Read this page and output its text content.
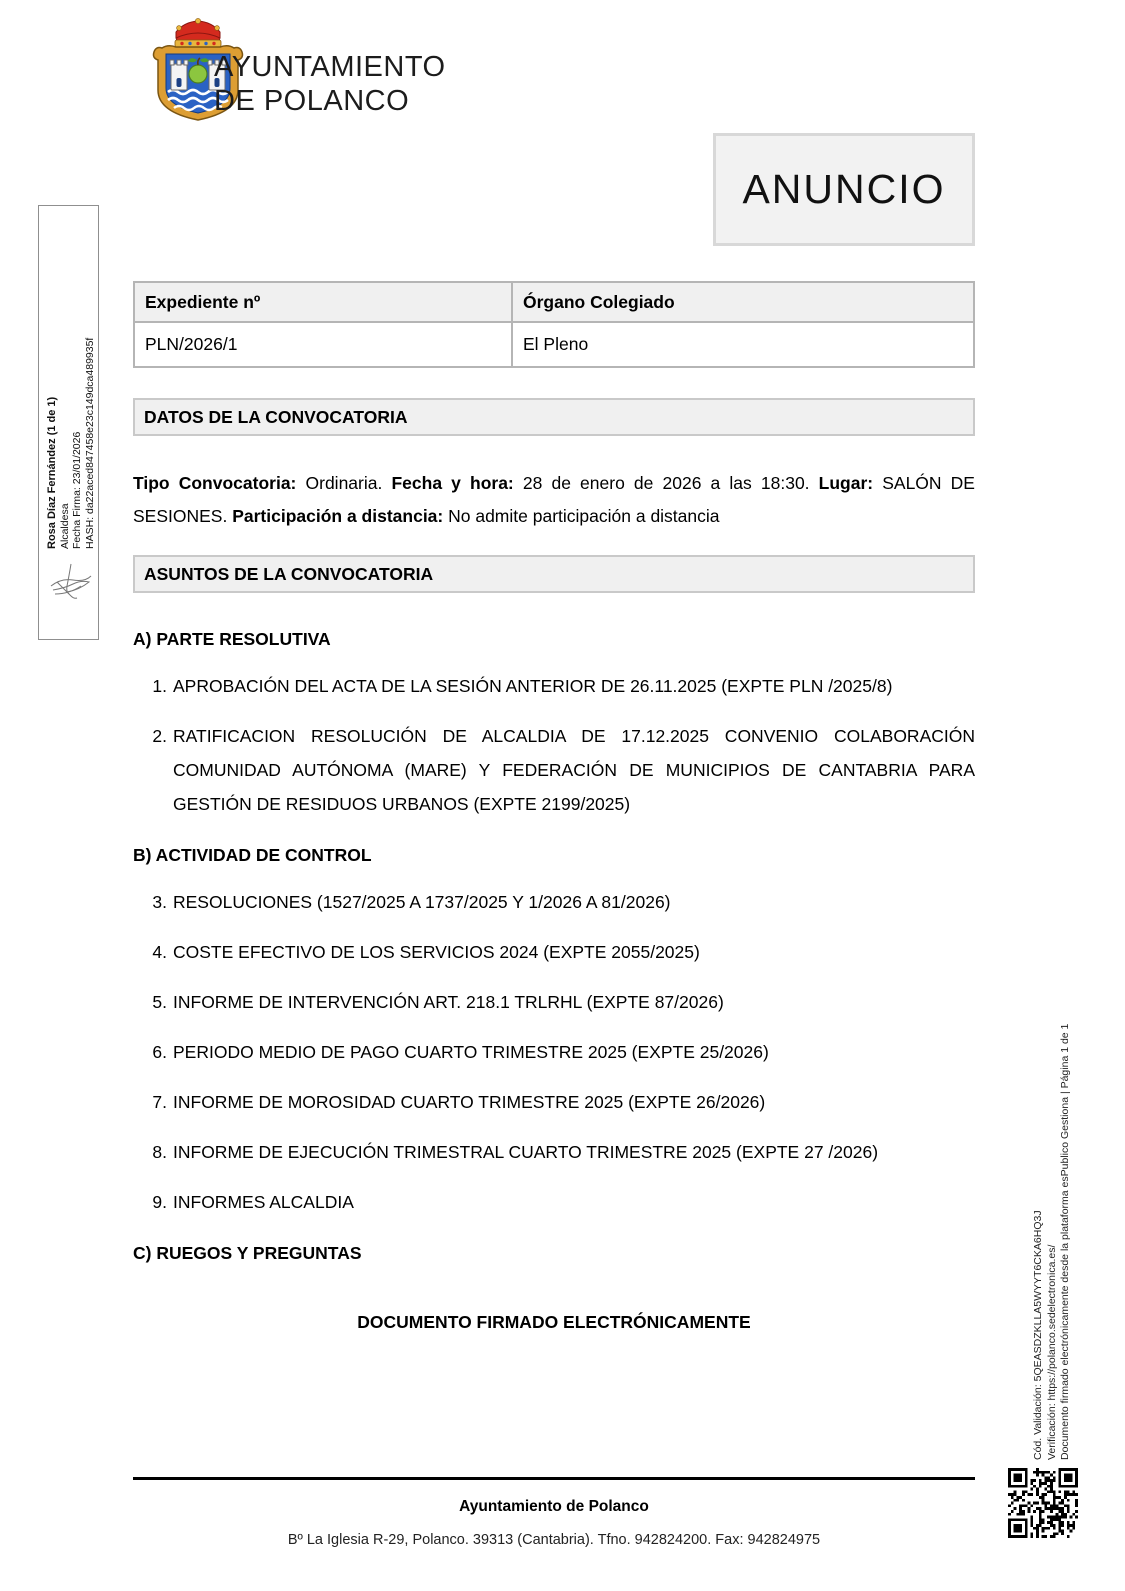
AYUNTAMIENTO
DE POLANCO
ANUNCIO
Rosa Díaz Fernández (1 de 1) Alcaldesa Fecha Firma: 23/01/2026 HASH: da22aced847458e23c149dca489935f
Expediente nº	Órgano Colegiado
PLN/2026/1	El Pleno
DATOS DE LA CONVOCATORIA
Tipo Convocatoria: Ordinaria. Fecha y hora: 28 de enero de 2026 a las 18:30. Lugar: SALÓN DE SESIONES. Participación a distancia: No admite participación a distancia
ASUNTOS DE LA CONVOCATORIA
A) PARTE RESOLUTIVA
1. APROBACIÓN DEL ACTA DE LA SESIÓN ANTERIOR DE 26.11.2025 (EXPTE PLN /2025/8)
2. RATIFICACION RESOLUCIÓN DE ALCALDIA DE 17.12.2025 CONVENIO COLABORACIÓN COMUNIDAD AUTÓNOMA (MARE) Y FEDERACIÓN DE MUNICIPIOS DE CANTABRIA PARA GESTIÓN DE RESIDUOS URBANOS (EXPTE 2199/2025)
B) ACTIVIDAD DE CONTROL
3. RESOLUCIONES (1527/2025 A 1737/2025 Y 1/2026 A 81/2026)
4. COSTE EFECTIVO DE LOS SERVICIOS 2024 (EXPTE 2055/2025)
5. INFORME DE INTERVENCIÓN ART. 218.1 TRLRHL (EXPTE 87/2026)
6. PERIODO MEDIO DE PAGO CUARTO TRIMESTRE 2025 (EXPTE 25/2026)
7. INFORME DE MOROSIDAD CUARTO TRIMESTRE 2025 (EXPTE 26/2026)
8. INFORME DE EJECUCIÓN TRIMESTRAL CUARTO TRIMESTRE 2025 (EXPTE 27 /2026)
9. INFORMES ALCALDIA
C) RUEGOS Y PREGUNTAS
DOCUMENTO FIRMADO ELECTRÓNICAMENTE
Ayuntamiento de Polanco
Bº La Iglesia R-29, Polanco. 39313 (Cantabria). Tfno. 942824200. Fax: 942824975
Cód. Validación: 5QEASDZKLLA5WYYT6CKA6HQ3J Verificación: https://polanco.sedelectronica.es/ Documento firmado electrónicamente desde la plataforma esPublico Gestiona | Página 1 de 1
